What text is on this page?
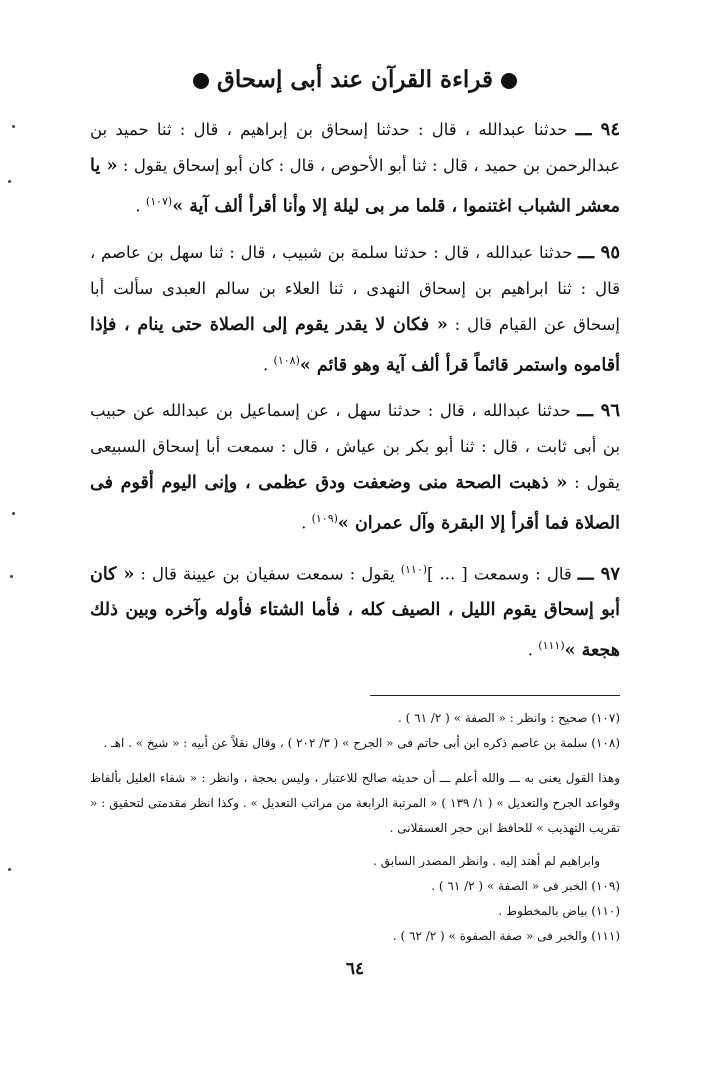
قراءة القرآن عند أبى إسحاق

٩٤ ـــ حدثنا عبدالله ، قال : حدثنا إسحاق بن إبراهيم ، قال : ثنا حميد بن عبدالرحمن بن حميد ، قال : ثنا أبو الأحوص ، قال : كان أبو إسحاق يقول : « يا معشر الشباب اغتنموا ، قلما مر بى ليلة إلا وأنا أقرأ ألف آية »$^{(١٠٧)}$ .

٩٥ ـــ حدثنا عبدالله ، قال : حدثنا سلمة بن شبيب ، قال : ثنا سهل بن عاصم ، قال : ثنا ابراهيم بن إسحاق النهدى ، ثنا العلاء بن سالم العبدى سألت أبا إسحاق عن القيام قال : « فكان لا يقدر يقوم إلى الصلاة حتى ينام ، فإذا أقاموه واستمر قائماً قرأ ألف آية وهو قائم »$^{(١٠٨)}$ .

٩٦ ـــ حدثنا عبدالله ، قال : حدثنا سهل ، عن إسماعيل بن عبدالله عن حبيب بن أبى ثابت ، قال : ثنا أبو بكر بن عياش ، قال : سمعت أبا إسحاق السبيعى يقول : « ذهبت الصحة منى وضعفت ودق عظمى ، وإنى اليوم أقوم فى الصلاة فما أقرأ إلا البقرة وآل عمران »$^{(١٠٩)}$ .

٩٧ ـــ قال : وسمعت [ ... ]$^{(١١٠)}$ يقول : سمعت سفيان بن عيينة قال : « كان أبو إسحاق يقوم الليل ، الصيف كله ، فأما الشتاء فأوله وآخره وبين ذلك هجعة »$^{(١١١)}$ .

(١٠٧) صحيح : وانظر : « الصفة » ( ٢/ ٦١ ) .

(١٠٨) سلمة بن عاصم ذكره ابن أبى حاتم فى « الجرح » ( ٣/ ٢٠٢ ) ، وقال نقلاً عن أبيه : « شيخ » . اهـ .

وهذا القول يعنى به ـــ والله أعلم ـــ أن حديثه صالح للاعتبار ، وليس بحجة ، وانظر : « شفاء العليل بألفاظ وقواعد الجرح والتعديل » ( ١/ ١٣٩ ) « المرتبة الرابعة من مراتب التعديل » . وكذا انظر مقدمتى لتحقيق : « تقريب التهذيب » للحافظ ابن حجر العسقلانى .

وابراهيم لم أهتد إليه . وانظر المصدر السابق .

(١٠٩) الخبر فى « الصفة » ( ٢/ ٦١ ) .

(١١٠) بياض بالمخطوط .

(١١١) والخبر فى « صفة الصفوة » ( ٢/ ٦٢ ) .

٦٤
